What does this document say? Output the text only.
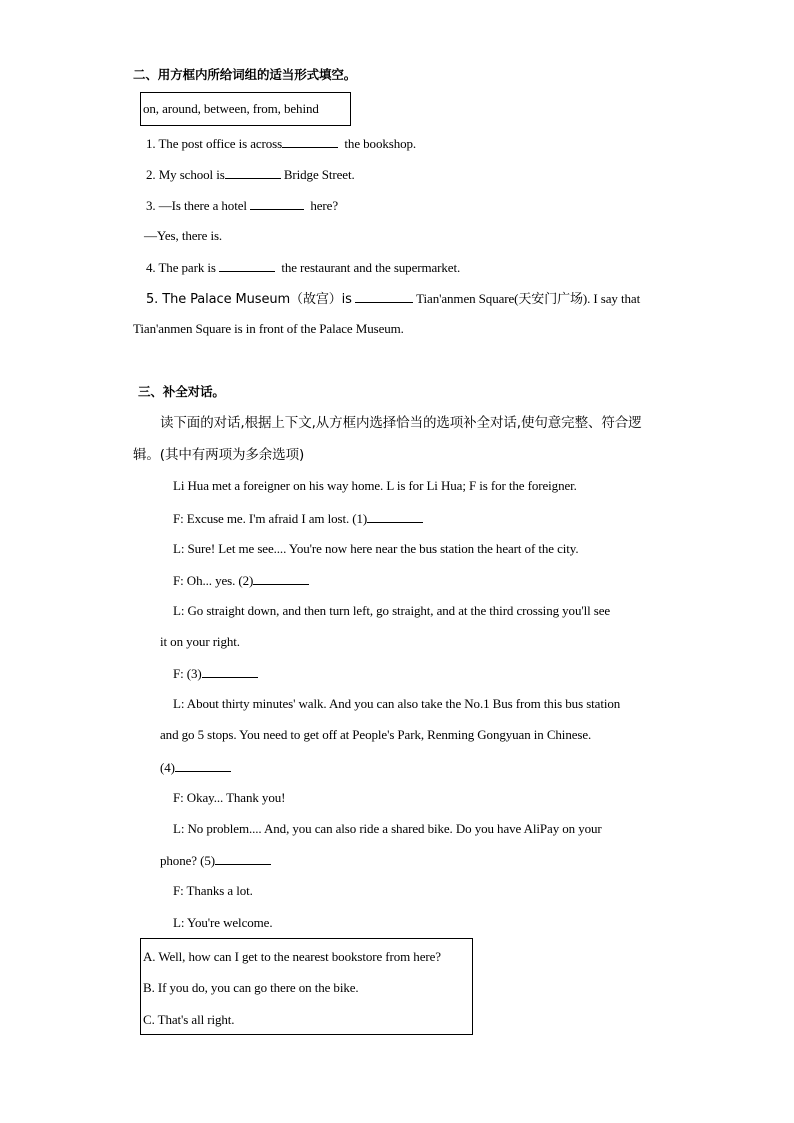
二、用方框内所给词组的适当形式填空。
on, around, between, from, behind
1. The post office is across	the bookshop.
2. My school is	Bridge Street.
3. —Is there a hotel	here?
—Yes, there is.
4. The park is	the restaurant and the supermarket.
5. The Palace Museum（故宫）is	Tian'anmen Square(天安门广场). I say that
Tian'anmen Square is in front of the Palace Museum.
三、补全对话。
读下面的对话,根据上下文,从方框内选择恰当的选项补全对话,使句意完整、符合逻
辑。(其中有两项为多余选项)
Li Hua met a foreigner on his way home. L is for Li Hua; F is for the foreigner.
F: Excuse me. I'm afraid I am lost. (1)
L: Sure! Let me see.... You're now here near the bus station the heart of the city.
F: Oh... yes. (2)
L: Go straight down, and then turn left, go straight, and at the third crossing you'll see
it on your right.
F: (3)
L: About thirty minutes' walk. And you can also take the No.1 Bus from this bus station
and go 5 stops. You need to get off at People's Park, Renming Gongyuan in Chinese.
(4)
F: Okay... Thank you!
L: No problem.... And, you can also ride a shared bike. Do you have AliPay on your
phone? (5)
F: Thanks a lot.
L: You're welcome.
A. Well, how can I get to the nearest bookstore from here?
B. If you do, you can go there on the bike.
C. That's all right.
